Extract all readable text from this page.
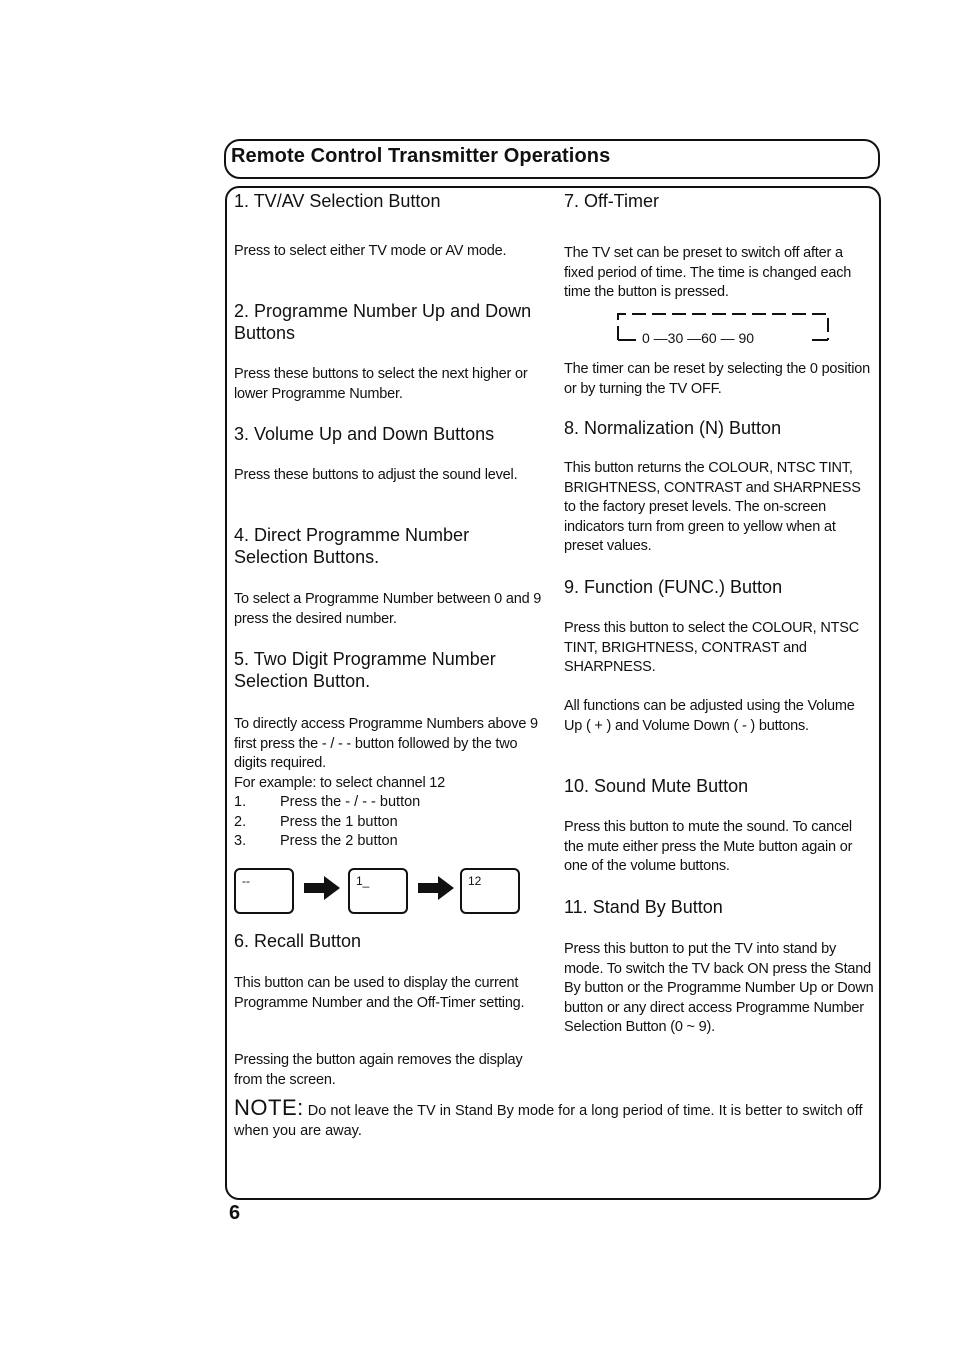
Remote Control Transmitter Operations
1. TV/AV Selection Button

Press to select either TV mode or AV mode.

2. Programme Number Up and Down Buttons

Press these buttons to select the next higher or lower Programme Number.

3. Volume Up and Down Buttons

Press these buttons to adjust the sound level.

4. Direct Programme Number Selection Buttons.

To select a Programme Number between 0 and 9 press the desired number.

5. Two Digit Programme Number Selection Button.

To directly access Programme Numbers above 9 first press the - / - - button followed by the two digits required.

For example: to select channel 12

1.	Press the - / - - button
2.	Press the 1 button
3.	Press the 2 button
--	1_	12
6. Recall Button

This button can be used to display the current Programme Number and the Off-Timer setting.

Pressing the button again removes the display from the screen.

7. Off-Timer

The TV set can be preset to switch off after a fixed period of time. The time is changed each time the button is pressed.

0 —30 —60 — 90

The timer can be reset by selecting the 0 position or by turning the TV OFF.

8. Normalization (N) Button

This button returns the COLOUR, NTSC TINT, BRIGHTNESS, CONTRAST and SHARPNESS to the factory preset levels. The on-screen indicators turn from green to yellow when at preset values.

9. Function (FUNC.) Button

Press this button to select the COLOUR, NTSC TINT, BRIGHTNESS, CONTRAST and SHARPNESS.

All functions can be adjusted using the Volume Up ( + ) and Volume Down ( - ) buttons.

10. Sound Mute Button

Press this button to mute the sound. To cancel the mute either press the Mute button again or one of the volume buttons.

11. Stand By Button

Press this button to put the TV into stand by mode. To switch the TV back ON press the Stand By button or the Programme Number Up or Down button or any direct access Programme Number Selection Button (0 ~ 9).

NOTE: Do not leave the TV in Stand By mode for a long period of time. It is better to switch off when you are away.
6
